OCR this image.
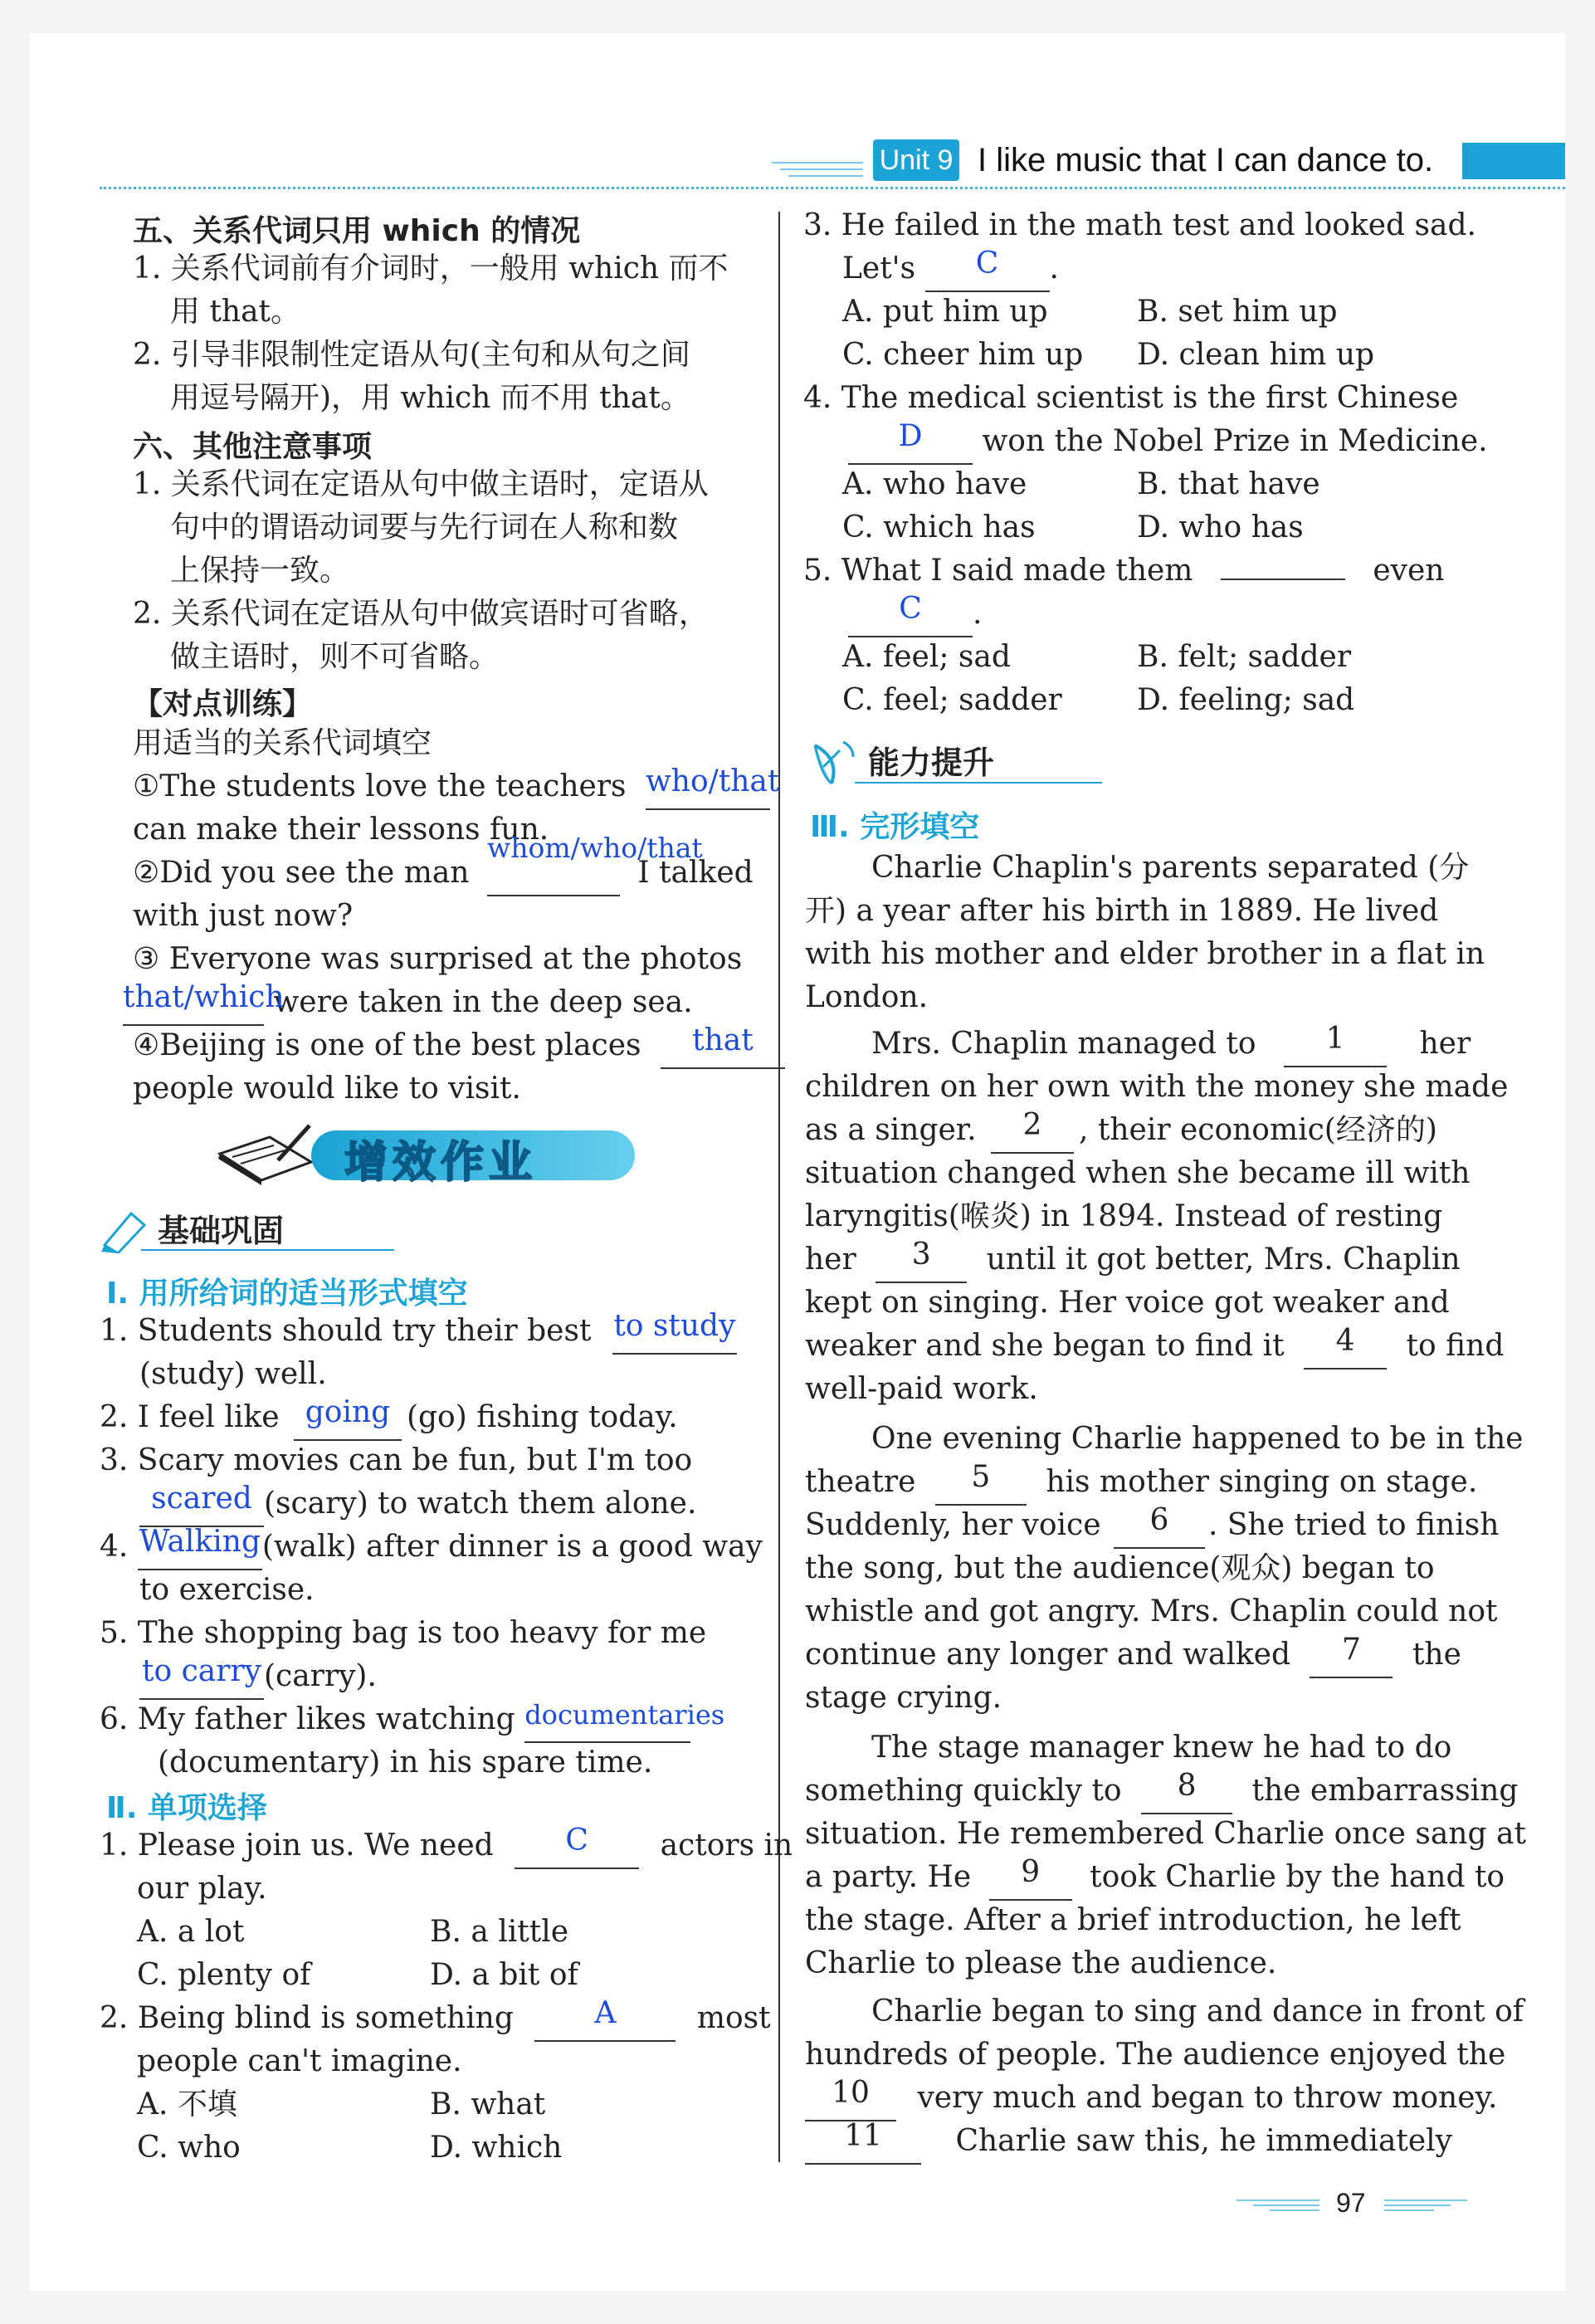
Unit 9 I like music that I can dance to.
五、关系代词只用 which 的情况
1. 关系代词前有介词时，一般用 which 而不
用 that。
2. 引导非限制性定语从句(主句和从句之间
用逗号隔开)，用 which 而不用 that。
六、其他注意事项
1. 关系代词在定语从句中做主语时，定语从
句中的谓语动词要与先行词在人称和数
上保持一致。
2. 关系代词在定语从句中做宾语时可省略，
做主语时，则不可省略。
【对点训练】
用适当的关系代词填空
①The students love the teachers who/that
can make their lessons fun.
②Did you see the man whom/who/that I talked
with just now?
③ Everyone was surprised at the photos
that/which were taken in the deep sea.
④Beijing is one of the best places that
people would like to visit.
增效作业
基础巩固
Ⅰ. 用所给词的适当形式填空
1. Students should try their best to study
(study) well.
2. I feel like going (go) fishing today.
3. Scary movies can be fun, but I'm too
scared (scary) to watch them alone.
4. Walking(walk) after dinner is a good way
to exercise.
5. The shopping bag is too heavy for me
to carry(carry).
6. My father likes watching documentaries
(documentary) in his spare time.
Ⅱ. 单项选择
1. Please join us. We need C actors in
our play.
A. a lot	B. a little
C. plenty of	D. a bit of
2. Being blind is something	A	most
people can't imagine.
A. 不填	B. what
C. who	D. which
3. He failed in the math test and looked sad.
Let's C .
A. put him up	B. set him up
C. cheer him up D. clean him up
4. The medical scientist is the first Chinese
D won the Nobel Prize in Medicine.
A. who have	B. that have
C. which has	D. who has
5. What I said made them	even
C .
A. feel; sad	B. felt; sadder
C. feel; sadder	D. feeling; sad
能力提升
Ⅲ. 完形填空
Charlie Chaplin's parents separated (分
开) a year after his birth in 1889. He lived
with his mother and elder brother in a flat in
London.
Mrs. Chaplin managed to 1	her
children on her own with the money she made
as a singer. 2 , their economic(经济的)
situation changed when she became ill with
laryngitis(喉炎) in 1894. Instead of resting
her 3 until it got better, Mrs. Chaplin
kept on singing. Her voice got weaker and
weaker and she began to find it 4 to find
well-paid work.
One evening Charlie happened to be in the
theatre 5 his mother singing on stage.
Suddenly, her voice 6 . She tried to finish
the song, but the audience(观众) began to
whistle and got angry. Mrs. Chaplin could not
continue any longer and walked 7 the
stage crying.
The stage manager knew he had to do
something quickly to 8 the embarrassing
situation. He remembered Charlie once sang at
a party. He 9 took Charlie by the hand to
the stage. After a brief introduction, he left
Charlie to please the audience.
Charlie began to sing and dance in front of
hundreds of people. The audience enjoyed the
10 very much and began to throw money.
11 Charlie saw this, he immediately
97
